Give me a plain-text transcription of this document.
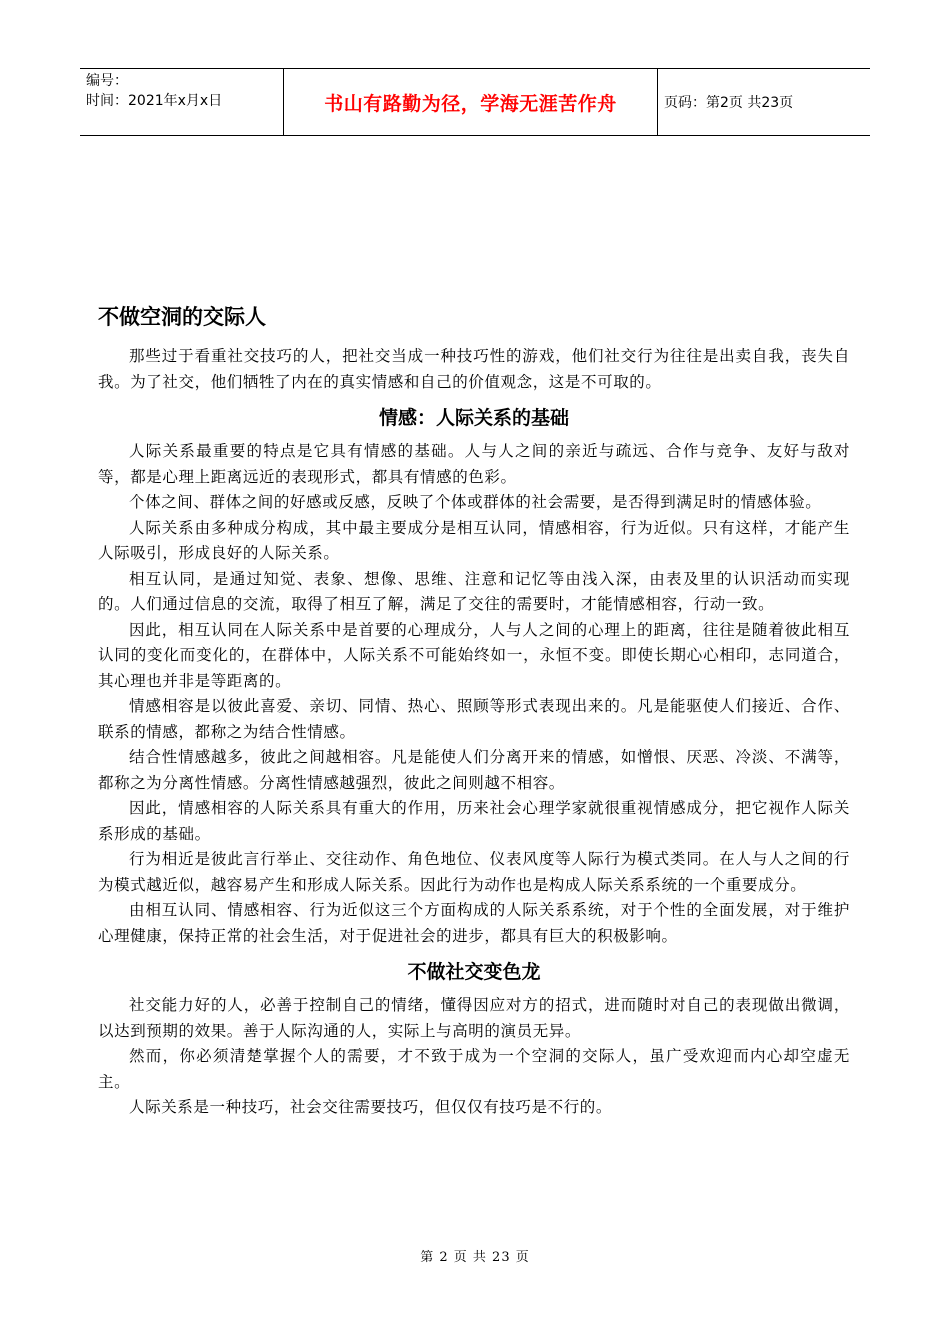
编号：
时间：2021年x月x日	书山有路勤为径，学海无涯苦作舟	页码：第2页 共23页
不做空洞的交际人

那些过于看重社交技巧的人，把社交当成一种技巧性的游戏，他们社交行为往往是出卖自我，丧失自我。为了社交，他们牺牲了内在的真实情感和自己的价值观念，这是不可取的。

情感：人际关系的基础

人际关系最重要的特点是它具有情感的基础。人与人之间的亲近与疏远、合作与竞争、友好与敌对等，都是心理上距离远近的表现形式，都具有情感的色彩。

个体之间、群体之间的好感或反感，反映了个体或群体的社会需要，是否得到满足时的情感体验。

人际关系由多种成分构成，其中最主要成分是相互认同，情感相容，行为近似。只有这样，才能产生人际吸引，形成良好的人际关系。

相互认同，是通过知觉、表象、想像、思维、注意和记忆等由浅入深，由表及里的认识活动而实现的。人们通过信息的交流，取得了相互了解，满足了交往的需要时，才能情感相容，行动一致。

因此，相互认同在人际关系中是首要的心理成分，人与人之间的心理上的距离，往往是随着彼此相互认同的变化而变化的，在群体中，人际关系不可能始终如一，永恒不变。即使长期心心相印，志同道合，其心理也并非是等距离的。

情感相容是以彼此喜爱、亲切、同情、热心、照顾等形式表现出来的。凡是能驱使人们接近、合作、联系的情感，都称之为结合性情感。

结合性情感越多，彼此之间越相容。凡是能使人们分离开来的情感，如憎恨、厌恶、冷淡、不满等，都称之为分离性情感。分离性情感越强烈，彼此之间则越不相容。

因此，情感相容的人际关系具有重大的作用，历来社会心理学家就很重视情感成分，把它视作人际关系形成的基础。

行为相近是彼此言行举止、交往动作、角色地位、仪表风度等人际行为模式类同。在人与人之间的行为模式越近似，越容易产生和形成人际关系。因此行为动作也是构成人际关系系统的一个重要成分。

由相互认同、情感相容、行为近似这三个方面构成的人际关系系统，对于个性的全面发展，对于维护心理健康，保持正常的社会生活，对于促进社会的进步，都具有巨大的积极影响。

不做社交变色龙

社交能力好的人，必善于控制自己的情绪，懂得因应对方的招式，进而随时对自己的表现做出微调，以达到预期的效果。善于人际沟通的人，实际上与高明的演员无异。

然而，你必须清楚掌握个人的需要，才不致于成为一个空洞的交际人，虽广受欢迎而内心却空虚无主。

人际关系是一种技巧，社会交往需要技巧，但仅仅有技巧是不行的。

第 2 页 共 23 页
